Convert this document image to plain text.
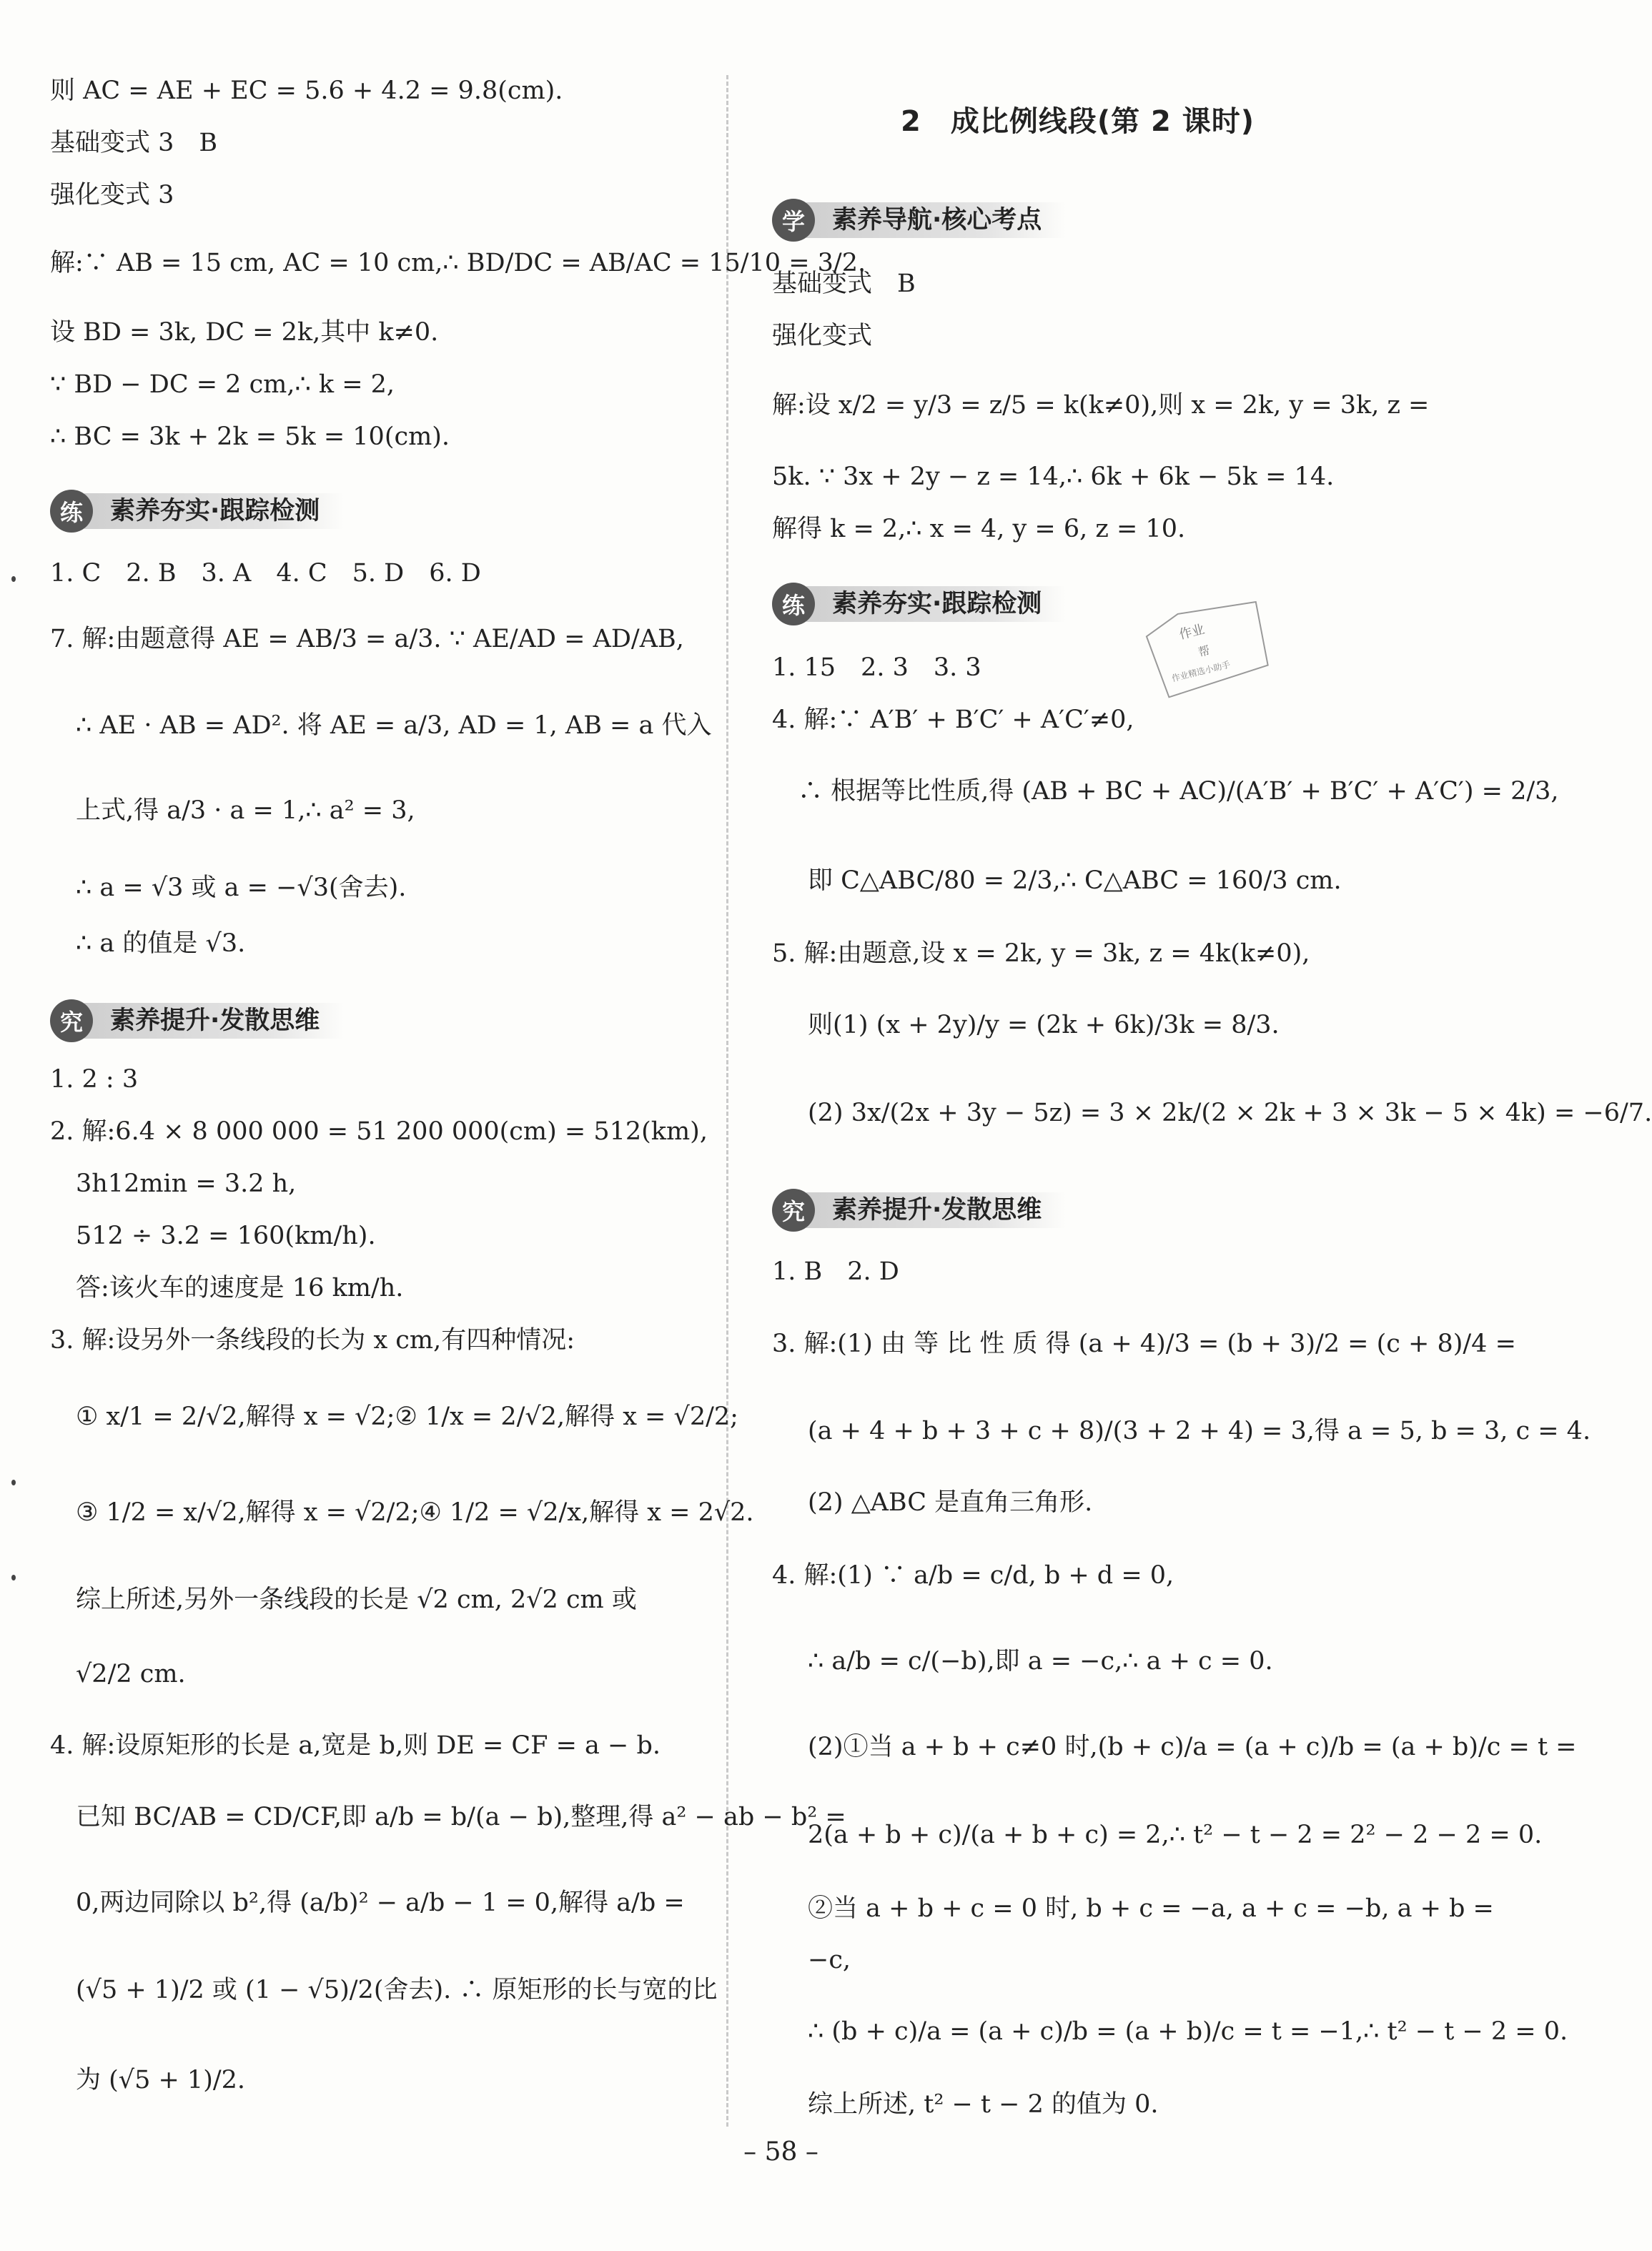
则 AC = AE + EC = 5.6 + 4.2 = 9.8(cm).
基础变式 3　B
强化变式 3
解:∵ AB = 15 cm, AC = 10 cm,∴ BD/DC = AB/AC = 15/10 = 3/2.
设 BD = 3k, DC = 2k,其中 k≠0.
∵ BD − DC = 2 cm,∴ k = 2,
∴ BC = 3k + 2k = 5k = 10(cm).
练	素养夯实·跟踪检测
1. C　2. B　3. A　4. C　5. D　6. D
7. 解:由题意得 AE = AB/3 = a/3. ∵ AE/AD = AD/AB,
∴ AE · AB = AD². 将 AE = a/3, AD = 1, AB = a 代入
上式,得 a/3 · a = 1,∴ a² = 3,
∴ a = √3 或 a = −√3(舍去).
∴ a 的值是 √3.
究	素养提升·发散思维
1. 2 : 3
2. 解:6.4 × 8 000 000 = 51 200 000(cm) = 512(km),
3h12min = 3.2 h,
512 ÷ 3.2 = 160(km/h).
答:该火车的速度是 16 km/h.
3. 解:设另外一条线段的长为 x cm,有四种情况:
① x/1 = 2/√2,解得 x = √2;② 1/x = 2/√2,解得 x = √2/2;
③ 1/2 = x/√2,解得 x = √2/2;④ 1/2 = √2/x,解得 x = 2√2.
综上所述,另外一条线段的长是 √2 cm, 2√2 cm 或
√2/2 cm.
4. 解:设原矩形的长是 a,宽是 b,则 DE = CF = a − b.
已知 BC/AB = CD/CF,即 a/b = b/(a − b),整理,得 a² − ab − b² =
0,两边同除以 b²,得 (a/b)² − a/b − 1 = 0,解得 a/b =
(√5 + 1)/2 或 (1 − √5)/2(舍去). ∴ 原矩形的长与宽的比
为 (√5 + 1)/2.
2　成比例线段(第 2 课时)
学	素养导航·核心考点
基础变式　B
强化变式
解:设 x/2 = y/3 = z/5 = k(k≠0),则 x = 2k, y = 3k, z =
5k. ∵ 3x + 2y − z = 14,∴ 6k + 6k − 5k = 14.
解得 k = 2,∴ x = 4, y = 6, z = 10.
练	素养夯实·跟踪检测
1. 15　2. 3　3. 3
4. 解:∵ A′B′ + B′C′ + A′C′≠0,
∴ 根据等比性质,得 (AB + BC + AC)/(A′B′ + B′C′ + A′C′) = 2/3,
即 C△ABC/80 = 2/3,∴ C△ABC = 160/3 cm.
5. 解:由题意,设 x = 2k, y = 3k, z = 4k(k≠0),
则(1) (x + 2y)/y = (2k + 6k)/3k = 8/3.
(2) 3x/(2x + 3y − 5z) = 3 × 2k/(2 × 2k + 3 × 3k − 5 × 4k) = −6/7.
究	素养提升·发散思维
1. B　2. D
3. 解:(1) 由 等 比 性 质 得 (a + 4)/3 = (b + 3)/2 = (c + 8)/4 =
(a + 4 + b + 3 + c + 8)/(3 + 2 + 4) = 3,得 a = 5, b = 3, c = 4.
(2) △ABC 是直角三角形.
4. 解:(1) ∵ a/b = c/d, b + d = 0,
∴ a/b = c/(−b),即 a = −c,∴ a + c = 0.
(2)①当 a + b + c≠0 时,(b + c)/a = (a + c)/b = (a + b)/c = t =
2(a + b + c)/(a + b + c) = 2,∴ t² − t − 2 = 2² − 2 − 2 = 0.
②当 a + b + c = 0 时, b + c = −a, a + c = −b, a + b =
−c,
∴ (b + c)/a = (a + c)/b = (a + b)/c = t = −1,∴ t² − t − 2 = 0.
综上所述, t² − t − 2 的值为 0.
作业
帮
作业精选小助手
– 58 –
